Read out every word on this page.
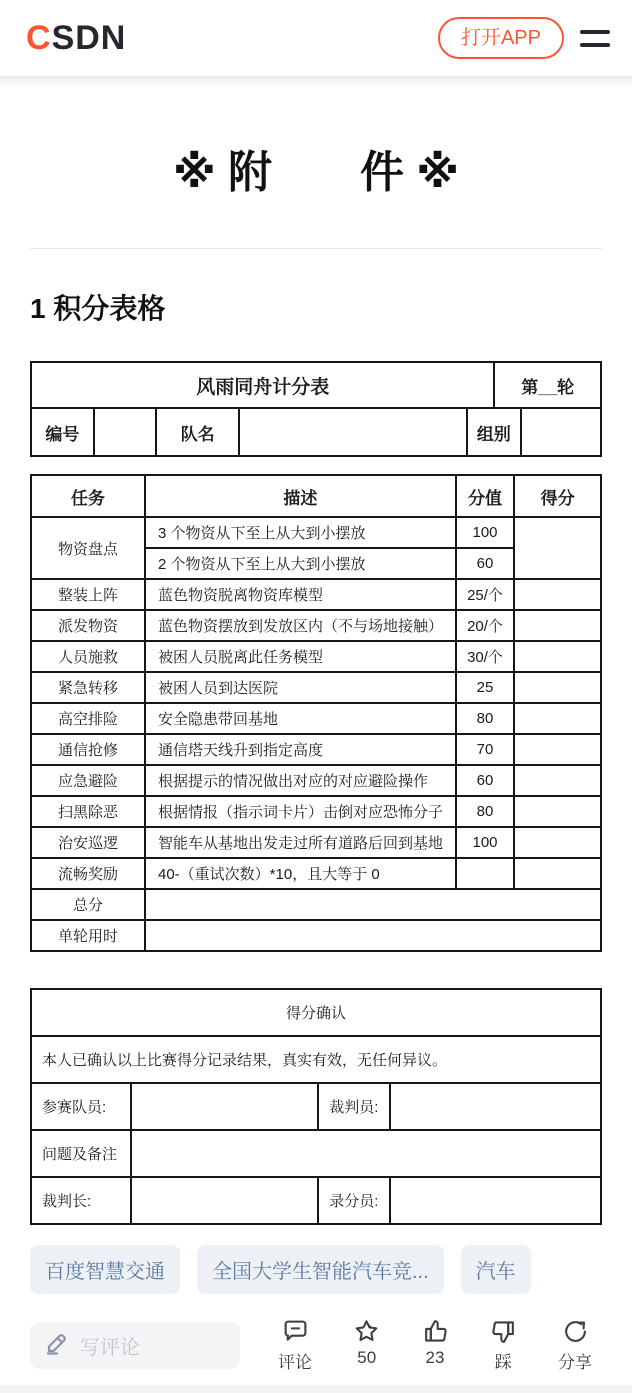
CSDN	打开APP
※ 附　　件 ※
1 积分表格
风雨同舟计分表	第__轮
编号		队名		组别	
任务	描述	分值	得分
物资盘点	3 个物资从下至上从大到小摆放	100	
	2 个物资从下至上从大到小摆放	60	
整装上阵	蓝色物资脱离物资库模型	25/个	
派发物资	蓝色物资摆放到发放区内（不与场地接触）	20/个	
人员施救	被困人员脱离此任务模型	30/个	
紧急转移	被困人员到达医院	25	
高空排险	安全隐患带回基地	80	
通信抢修	通信塔天线升到指定高度	70	
应急避险	根据提示的情况做出对应的对应避险操作	60	
扫黑除恶	根据情报（指示词卡片）击倒对应恐怖分子	80	
治安巡逻	智能车从基地出发走过所有道路后回到基地	100	
流畅奖励	40-（重试次数）*10，且大等于 0		
总分			
单轮用时			
得分确认			
本人已确认以上比赛得分记录结果，真实有效，无任何异议。			
参赛队员:		裁判员:	
问题及备注			
裁判长:		录分员:	
百度智慧交通	全国大学生智能汽车竞...	汽车
写评论
评论	50	23	踩	分享
